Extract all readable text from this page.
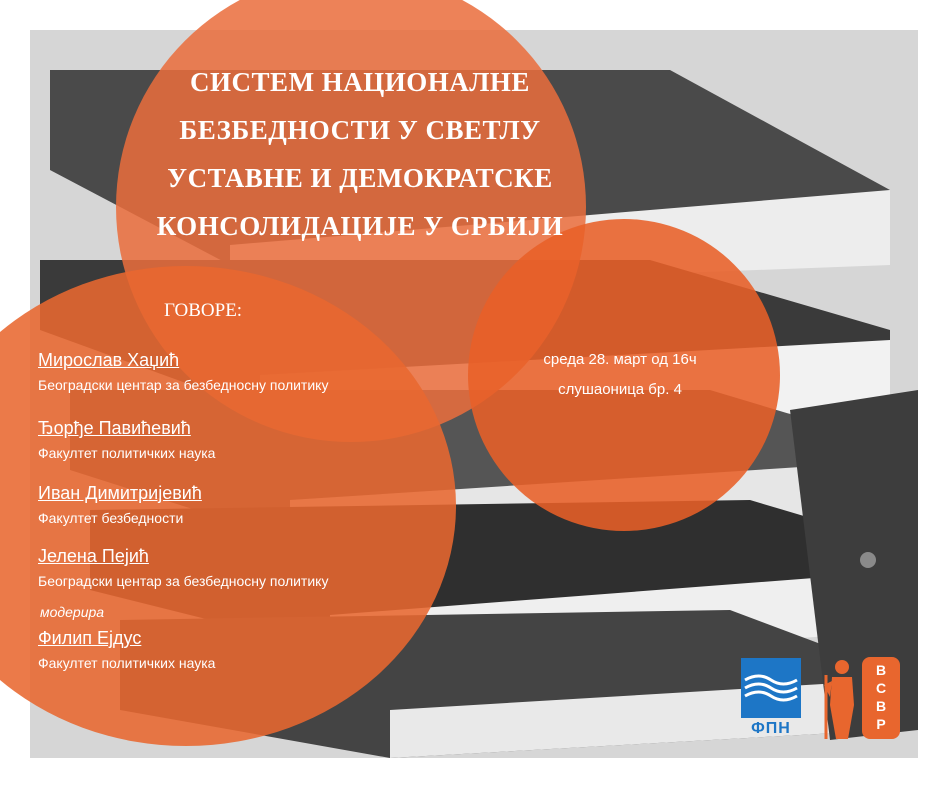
СИСТЕМ НАЦИОНАЛНЕ
БЕЗБЕДНОСТИ У СВЕТЛУ
УСТАВНЕ И ДЕМОКРАТСКЕ
КОНСОЛИДАЦИЈЕ У СРБИЈИ
ГОВОРЕ:
Мирослав Хаџић
Београдски центар за безбедносну политику
Ђорђе Павићевић
Факултет политичких наука
Иван Димитријевић
Факултет безбедности
Јелена Пејић
Београдски центар за безбедносну политику
модерира
Филип Ејдус
Факултет политичких наука
среда 28. март од 16ч
слушаоница бр. 4
ФПН
В
С
В
Р
